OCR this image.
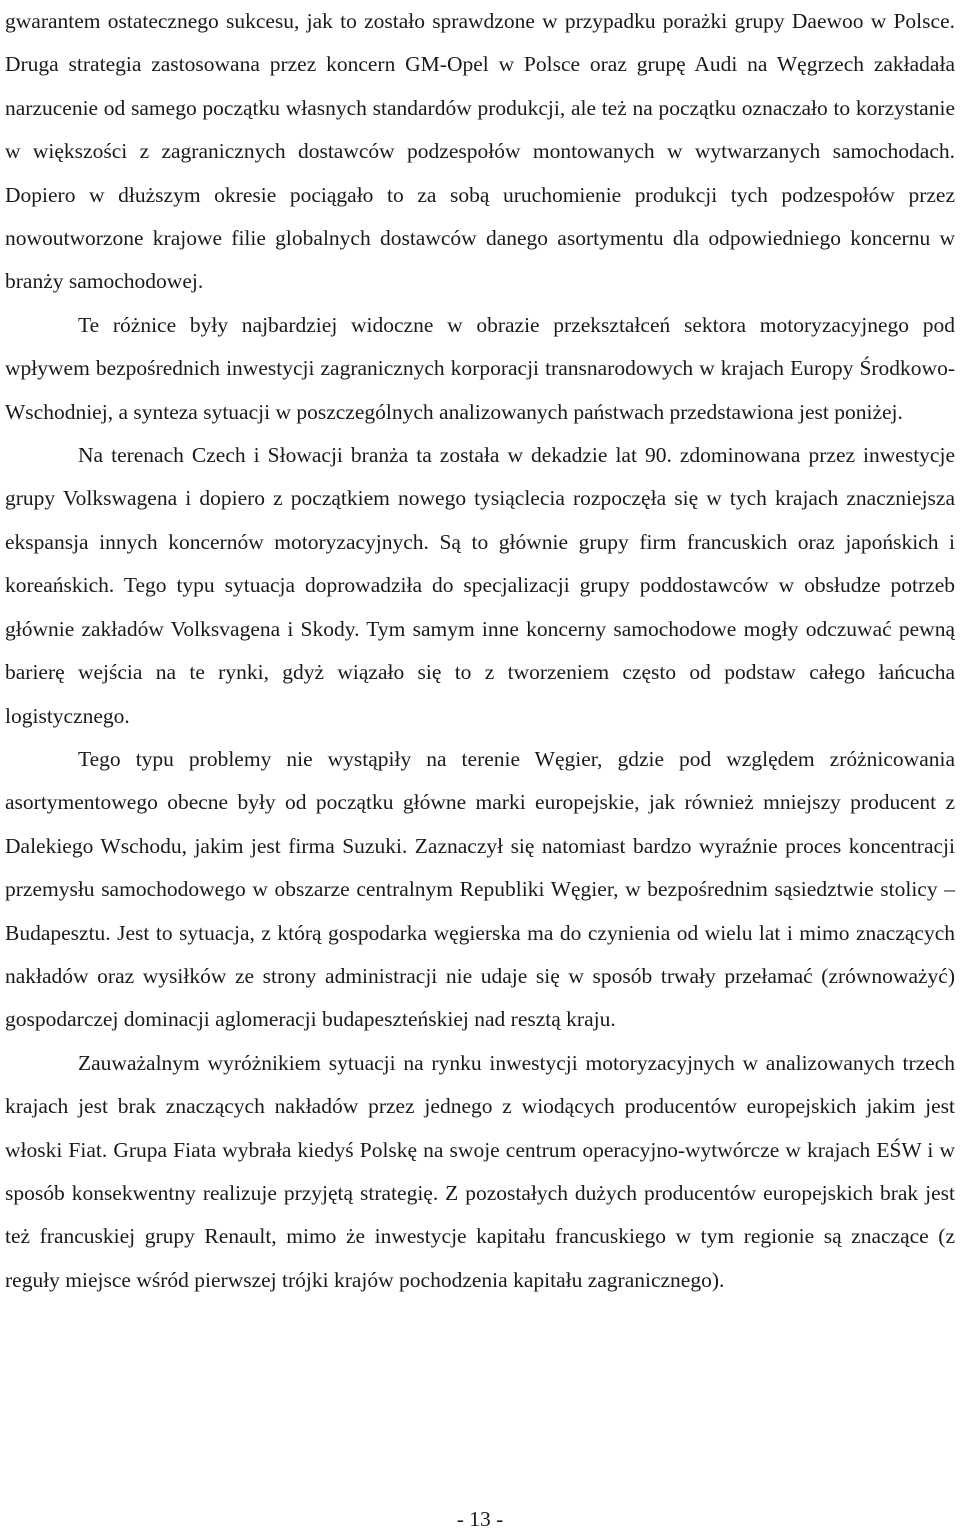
gwarantem ostatecznego sukcesu, jak to zostało sprawdzone w przypadku porażki grupy Daewoo w Polsce. Druga strategia zastosowana przez koncern GM-Opel w Polsce oraz grupę Audi na Węgrzech zakładała narzucenie od samego początku własnych standardów produkcji, ale też na początku oznaczało to korzystanie w większości z zagranicznych dostawców podzespołów montowanych w wytwarzanych samochodach. Dopiero w dłuższym okresie pociągało to za sobą uruchomienie produkcji tych podzespołów przez nowoutworzone krajowe filie globalnych dostawców danego asortymentu dla odpowiedniego koncernu w branży samochodowej.

Te różnice były najbardziej widoczne w obrazie przekształceń sektora motoryzacyjnego pod wpływem bezpośrednich inwestycji zagranicznych korporacji transnarodowych w krajach Europy Środkowo-Wschodniej, a synteza sytuacji w poszczególnych analizowanych państwach przedstawiona jest poniżej.

Na terenach Czech i Słowacji branża ta została w dekadzie lat 90. zdominowana przez inwestycje grupy Volkswagena i dopiero z początkiem nowego tysiąclecia rozpoczęła się w tych krajach znaczniejsza ekspansja innych koncernów motoryzacyjnych. Są to głównie grupy firm francuskich oraz japońskich i koreańskich. Tego typu sytuacja doprowadziła do specjalizacji grupy poddostawców w obsłudze potrzeb głównie zakładów Volksvagena i Skody. Tym samym inne koncerny samochodowe mogły odczuwać pewną barierę wejścia na te rynki, gdyż wiązało się to z tworzeniem często od podstaw całego łańcucha logistycznego.

Tego typu problemy nie wystąpiły na terenie Węgier, gdzie pod względem zróżnicowania asortymentowego obecne były od początku główne marki europejskie, jak również mniejszy producent z Dalekiego Wschodu, jakim jest firma Suzuki. Zaznaczył się natomiast bardzo wyraźnie proces koncentracji przemysłu samochodowego w obszarze centralnym Republiki Węgier, w bezpośrednim sąsiedztwie stolicy – Budapesztu. Jest to sytuacja, z którą gospodarka węgierska ma do czynienia od wielu lat i mimo znaczących nakładów oraz wysiłków ze strony administracji nie udaje się w sposób trwały przełamać (zrównoważyć) gospodarczej dominacji aglomeracji budapeszteńskiej nad resztą kraju.

Zauważalnym wyróżnikiem sytuacji na rynku inwestycji motoryzacyjnych w analizowanych trzech krajach jest brak znaczących nakładów przez jednego z wiodących producentów europejskich jakim jest włoski Fiat. Grupa Fiata wybrała kiedyś Polskę na swoje centrum operacyjno-wytwórcze w krajach EŚW i w sposób konsekwentny realizuje przyjętą strategię. Z pozostałych dużych producentów europejskich brak jest też francuskiej grupy Renault, mimo że inwestycje kapitału francuskiego w tym regionie są znaczące (z reguły miejsce wśród pierwszej trójki krajów pochodzenia kapitału zagranicznego).

- 13 -
